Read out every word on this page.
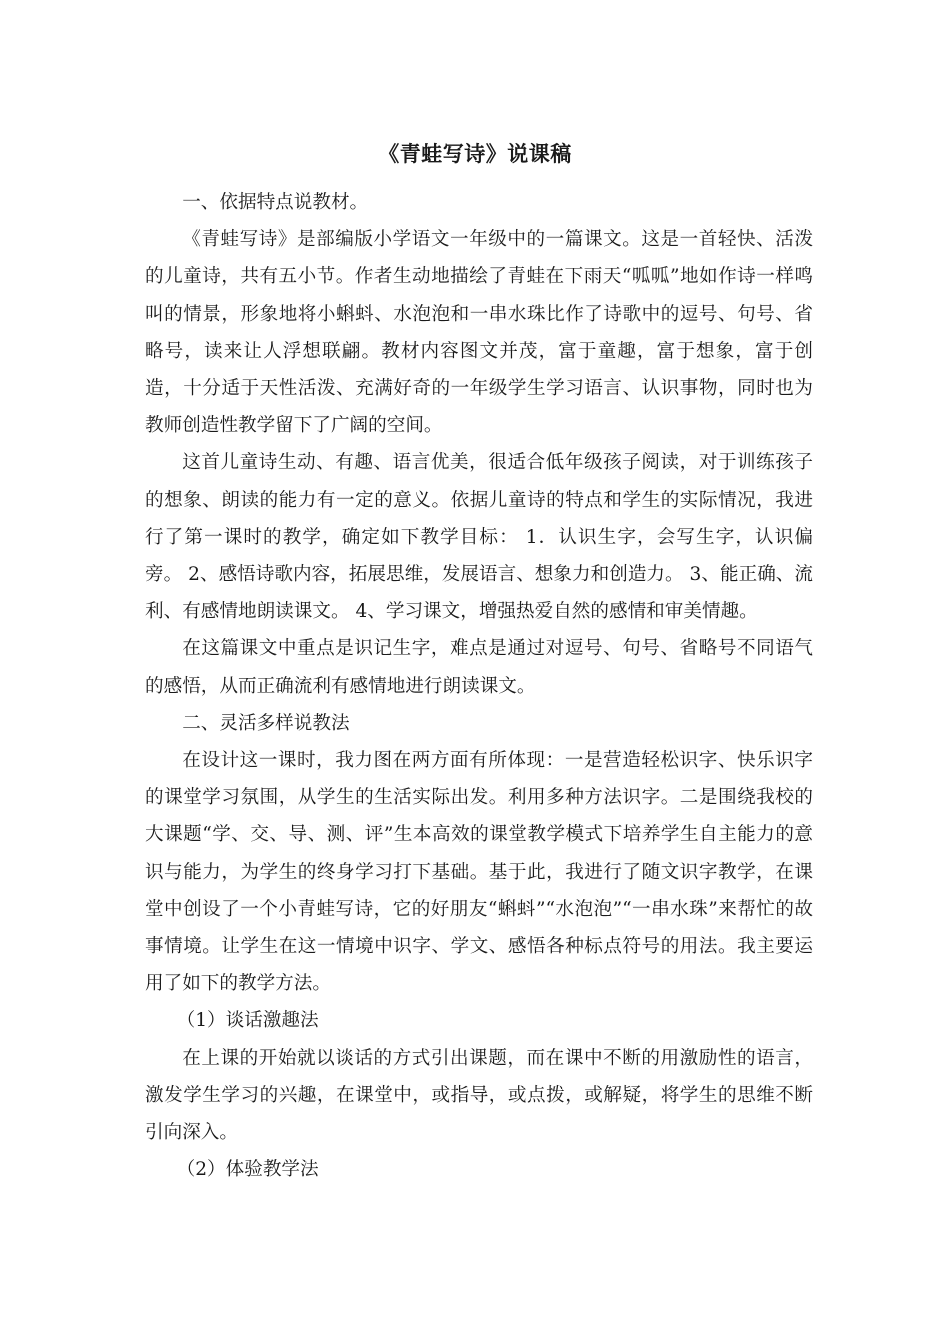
《青蛙写诗》说课稿

一、依据特点说教材。

《青蛙写诗》是部编版小学语文一年级中的一篇课文。这是一首轻快、活泼的儿童诗，共有五小节。作者生动地描绘了青蛙在下雨天“呱呱”地如作诗一样鸣叫的情景，形象地将小蝌蚪、水泡泡和一串水珠比作了诗歌中的逗号、句号、省略号，读来让人浮想联翩。教材内容图文并茂，富于童趣，富于想象，富于创造，十分适于天性活泼、充满好奇的一年级学生学习语言、认识事物，同时也为教师创造性教学留下了广阔的空间。

这首儿童诗生动、有趣、语言优美，很适合低年级孩子阅读，对于训练孩子的想象、朗读的能力有一定的意义。依据儿童诗的特点和学生的实际情况，我进行了第一课时的教学，确定如下教学目标： 1．认识生字，会写生字，认识偏旁。 2、感悟诗歌内容，拓展思维，发展语言、想象力和创造力。 3、能正确、流利、有感情地朗读课文。 4、学习课文，增强热爱自然的感情和审美情趣。

在这篇课文中重点是识记生字，难点是通过对逗号、句号、省略号不同语气的感悟，从而正确流利有感情地进行朗读课文。

二、灵活多样说教法

在设计这一课时，我力图在两方面有所体现：一是营造轻松识字、快乐识字的课堂学习氛围，从学生的生活实际出发。利用多种方法识字。二是围绕我校的大课题“学、交、导、测、评”生本高效的课堂教学模式下培养学生自主能力的意识与能力，为学生的终身学习打下基础。基于此，我进行了随文识字教学，在课堂中创设了一个小青蛙写诗，它的好朋友“蝌蚪”“水泡泡”“一串水珠”来帮忙的故事情境。让学生在这一情境中识字、学文、感悟各种标点符号的用法。我主要运用了如下的教学方法。

（1）谈话激趣法

在上课的开始就以谈话的方式引出课题，而在课中不断的用激励性的语言，激发学生学习的兴趣，在课堂中，或指导，或点拨，或解疑，将学生的思维不断引向深入。

（2）体验教学法
